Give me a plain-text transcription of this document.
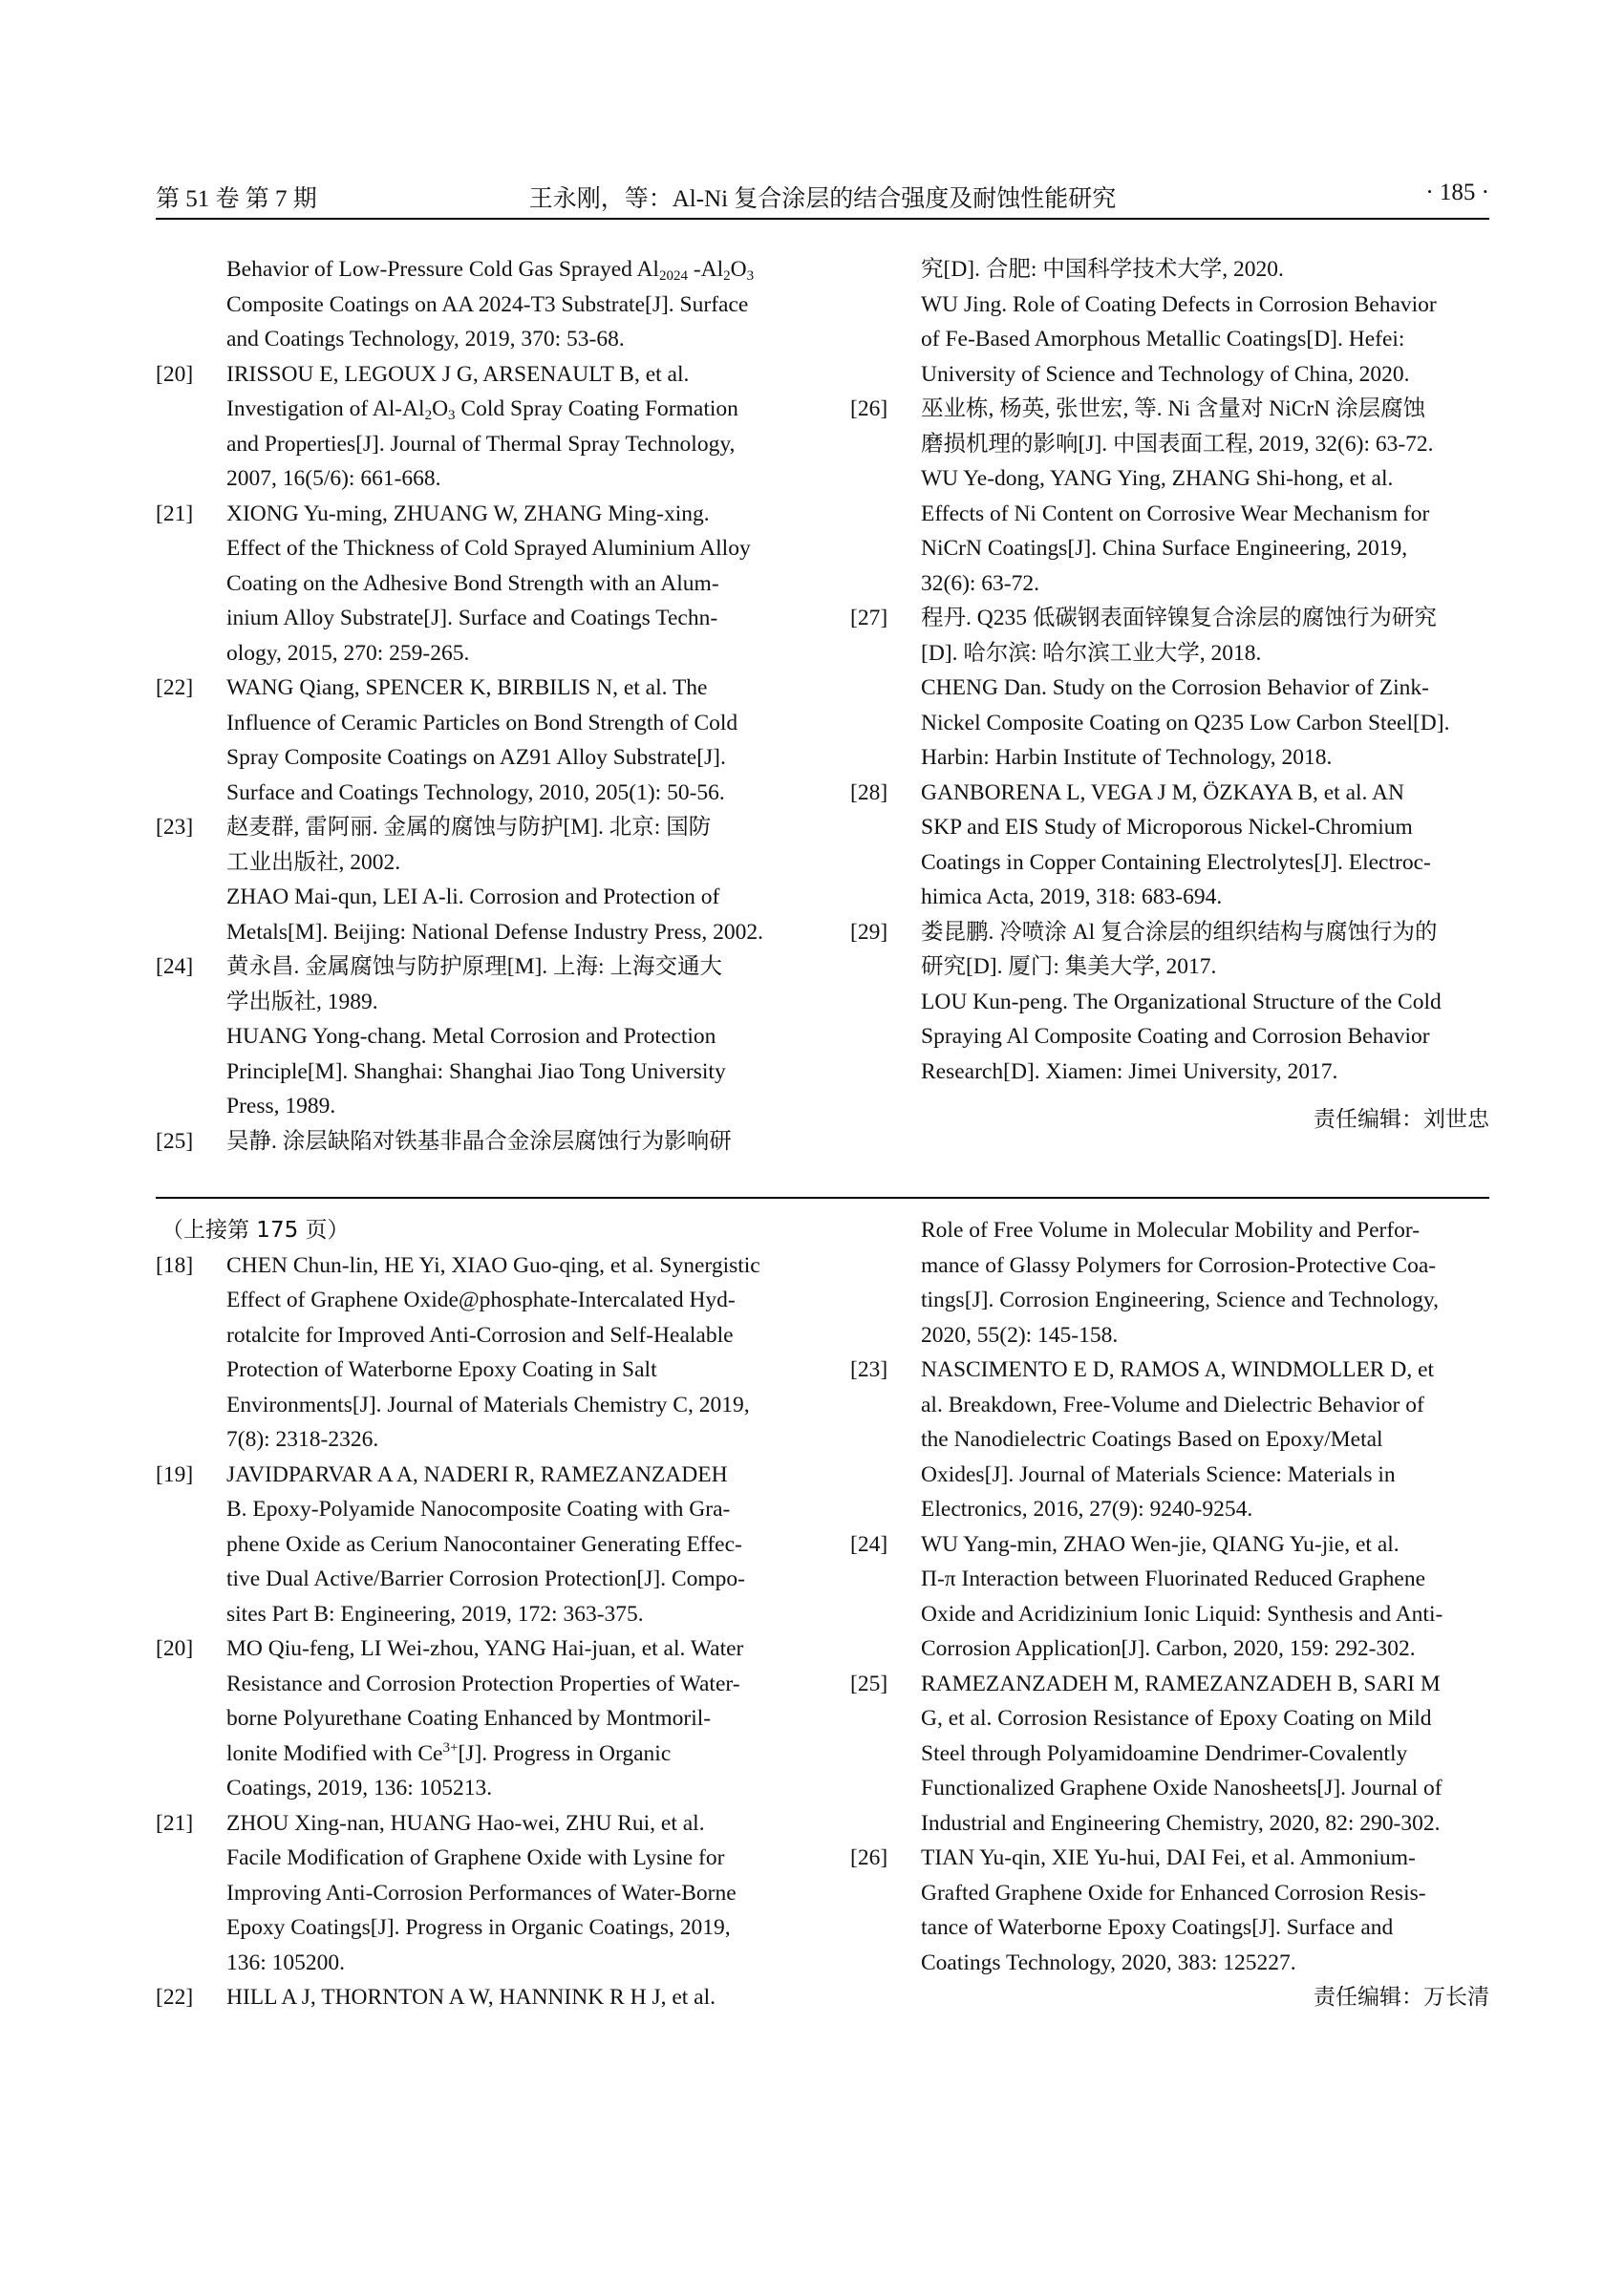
第 51 卷 第 7 期	王永刚，等：Al-Ni 复合涂层的结合强度及耐蚀性能研究	· 185 ·
Behavior of Low-Pressure Cold Gas Sprayed $Al_{2024}$ $-Al_2O_3$
Composite Coatings on AA 2024-T3 Substrate[J]. Surface
and Coatings Technology, 2019, 370: 53-68.
[20] IRISSOU E, LEGOUX J G, ARSENAULT B, et al.
Investigation of $Al-Al_2O_3$ Cold Spray Coating Formation
and Properties[J]. Journal of Thermal Spray Technology,
2007, 16(5/6): 661-668.
[21] XIONG Yu-ming, ZHUANG W, ZHANG Ming-xing.
Effect of the Thickness of Cold Sprayed Aluminium Alloy
Coating on the Adhesive Bond Strength with an Alum-
inium Alloy Substrate[J]. Surface and Coatings Techn-
ology, 2015, 270: 259-265.
[22] WANG Qiang, SPENCER K, BIRBILIS N, et al. The
Influence of Ceramic Particles on Bond Strength of Cold
Spray Composite Coatings on AZ91 Alloy Substrate[J].
Surface and Coatings Technology, 2010, 205(1): 50-56.
[23] 赵麦群, 雷阿丽. 金属的腐蚀与防护[M]. 北京: 国防
工业出版社, 2002.
ZHAO Mai-qun, LEI A-li. Corrosion and Protection of
Metals[M]. Beijing: National Defense Industry Press, 2002.
[24] 黄永昌. 金属腐蚀与防护原理[M]. 上海: 上海交通大
学出版社, 1989.
HUANG Yong-chang. Metal Corrosion and Protection
Principle[M]. Shanghai: Shanghai Jiao Tong University
Press, 1989.
[25] 吴静. 涂层缺陷对铁基非晶合金涂层腐蚀行为影响研
究[D]. 合肥: 中国科学技术大学, 2020.
WU Jing. Role of Coating Defects in Corrosion Behavior
of Fe-Based Amorphous Metallic Coatings[D]. Hefei:
University of Science and Technology of China, 2020.
[26] 巫业栋, 杨英, 张世宏, 等. Ni 含量对 NiCrN 涂层腐蚀
磨损机理的影响[J]. 中国表面工程, 2019, 32(6): 63-72.
WU Ye-dong, YANG Ying, ZHANG Shi-hong, et al.
Effects of Ni Content on Corrosive Wear Mechanism for
NiCrN Coatings[J]. China Surface Engineering, 2019,
32(6): 63-72.
[27] 程丹. Q235 低碳钢表面锌镍复合涂层的腐蚀行为研究
[D]. 哈尔滨: 哈尔滨工业大学, 2018.
CHENG Dan. Study on the Corrosion Behavior of Zink-
Nickel Composite Coating on Q235 Low Carbon Steel[D].
Harbin: Harbin Institute of Technology, 2018.
[28] GANBORENA L, VEGA J M, ÖZKAYA B, et al. AN
SKP and EIS Study of Microporous Nickel-Chromium
Coatings in Copper Containing Electrolytes[J]. Electroc-
himica Acta, 2019, 318: 683-694.
[29] 娄昆鹏. 冷喷涂 Al 复合涂层的组织结构与腐蚀行为的
研究[D]. 厦门: 集美大学, 2017.
LOU Kun-peng. The Organizational Structure of the Cold
Spraying Al Composite Coating and Corrosion Behavior
Research[D]. Xiamen: Jimei University, 2017.
责任编辑：刘世忠
（上接第 175 页）
[18] CHEN Chun-lin, HE Yi, XIAO Guo-qing, et al. Synergistic
Effect of Graphene Oxide@phosphate-Intercalated Hyd-
rotalcite for Improved Anti-Corrosion and Self-Healable
Protection of Waterborne Epoxy Coating in Salt
Environments[J]. Journal of Materials Chemistry C, 2019,
7(8): 2318-2326.
[19] JAVIDPARVAR A A, NADERI R, RAMEZANZADEH
B. Epoxy-Polyamide Nanocomposite Coating with Gra-
phene Oxide as Cerium Nanocontainer Generating Effec-
tive Dual Active/Barrier Corrosion Protection[J]. Compo-
sites Part B: Engineering, 2019, 172: 363-375.
[20] MO Qiu-feng, LI Wei-zhou, YANG Hai-juan, et al. Water
Resistance and Corrosion Protection Properties of Water-
borne Polyurethane Coating Enhanced by Montmoril-
lonite Modified with $Ce^{3+}[J]$. Progress in Organic
Coatings, 2019, 136: 105213.
[21] ZHOU Xing-nan, HUANG Hao-wei, ZHU Rui, et al.
Facile Modification of Graphene Oxide with Lysine for
Improving Anti-Corrosion Performances of Water-Borne
Epoxy Coatings[J]. Progress in Organic Coatings, 2019,
136: 105200.
[22] HILL A J, THORNTON A W, HANNINK R H J, et al.
Role of Free Volume in Molecular Mobility and Perfor-
mance of Glassy Polymers for Corrosion-Protective Coa-
tings[J]. Corrosion Engineering, Science and Technology,
2020, 55(2): 145-158.
[23] NASCIMENTO E D, RAMOS A, WINDMOLLER D, et
al. Breakdown, Free-Volume and Dielectric Behavior of
the Nanodielectric Coatings Based on Epoxy/Metal
Oxides[J]. Journal of Materials Science: Materials in
Electronics, 2016, 27(9): 9240-9254.
[24] WU Yang-min, ZHAO Wen-jie, QIANG Yu-jie, et al.
Π-π Interaction between Fluorinated Reduced Graphene
Oxide and Acridizinium Ionic Liquid: Synthesis and Anti-
Corrosion Application[J]. Carbon, 2020, 159: 292-302.
[25] RAMEZANZADEH M, RAMEZANZADEH B, SARI M
G, et al. Corrosion Resistance of Epoxy Coating on Mild
Steel through Polyamidoamine Dendrimer-Covalently
Functionalized Graphene Oxide Nanosheets[J]. Journal of
Industrial and Engineering Chemistry, 2020, 82: 290-302.
[26] TIAN Yu-qin, XIE Yu-hui, DAI Fei, et al. Ammonium-
Grafted Graphene Oxide for Enhanced Corrosion Resis-
tance of Waterborne Epoxy Coatings[J]. Surface and
Coatings Technology, 2020, 383: 125227.
责任编辑：万长清
